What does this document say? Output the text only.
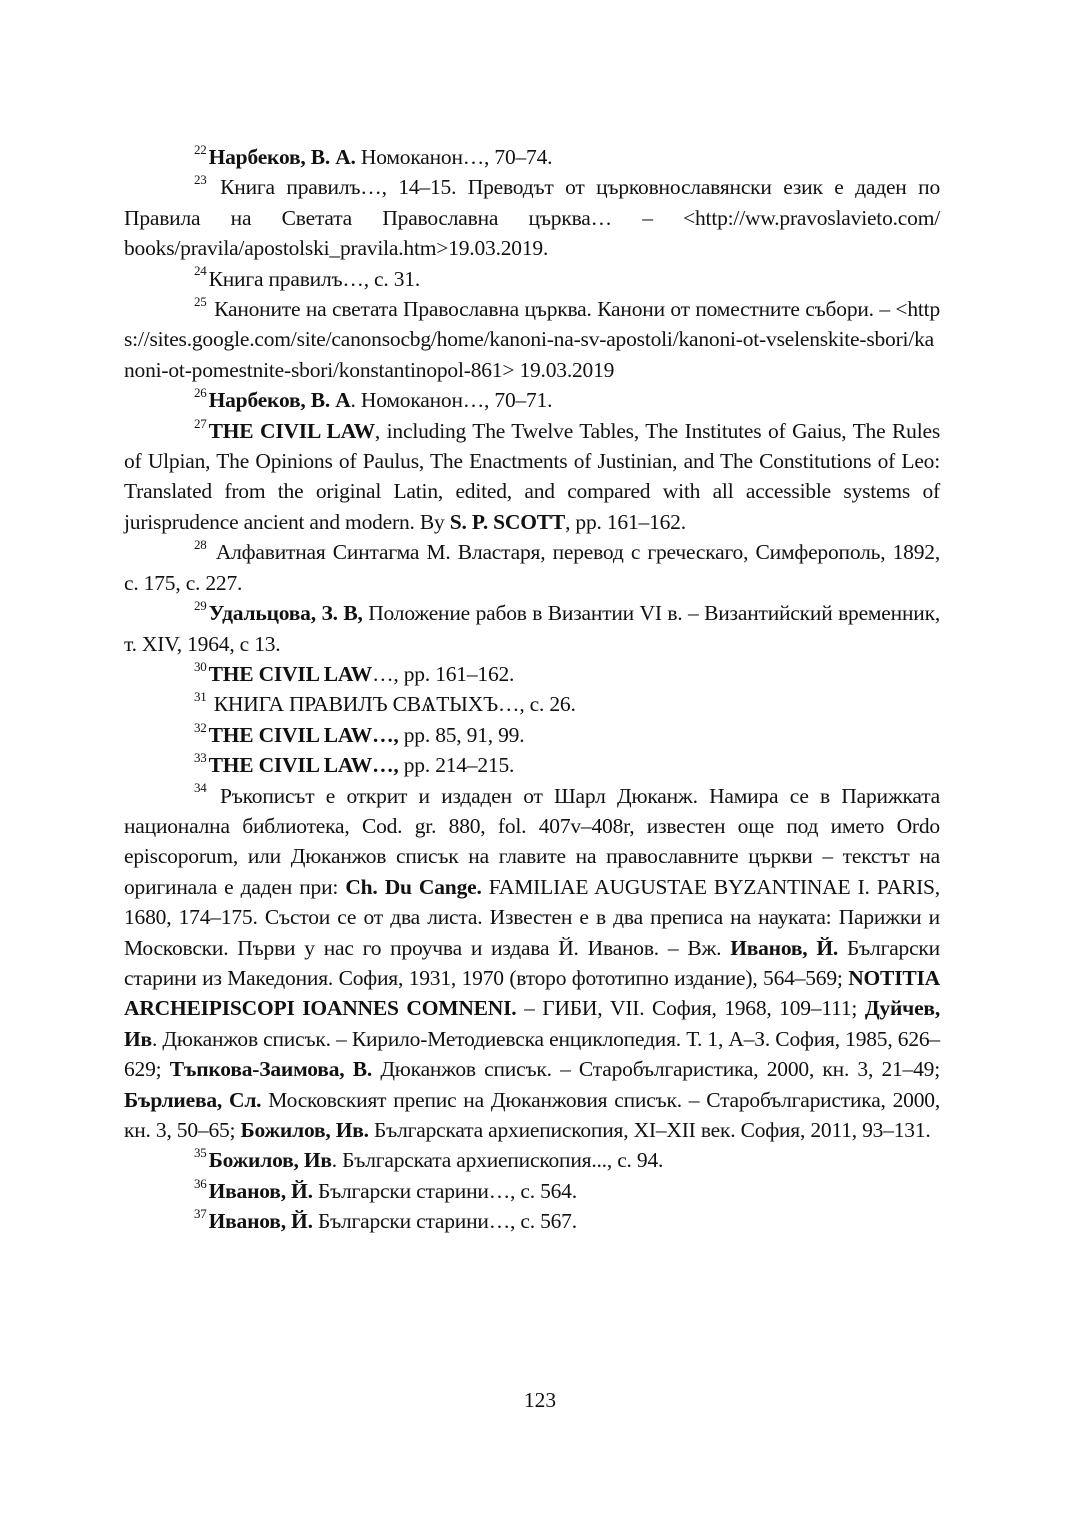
$^{22}$Нарбеков, В. А. Номоканон…, 70–74.

$^{23}$ Книга правилъ…, 14–15. Преводът от църковнославянски език е даден по Правила на Светата Православна църква… – <http://ww.pravoslavieto.com/ books/pravila/apostolski_pravila.htm>19.03.2019.

$^{24}$Книга правилъ…, с. 31.

$^{25}$ Каноните на светата Православна църква. Канони от поместните събори. – <https://sites.google.com/site/canonsocbg/home/kanoni-na-sv-apostoli/kanoni-ot-vselenskite-sbori/kanoni-ot-pomestnite-sbori/konstantinopol-861> 19.03.2019

$^{26}$Нарбеков, В. А. Номоканон…, 70–71.

$^{27}$THE CIVIL LAW, including The Twelve Tables, The Institutes of Gaius, The Rules of Ulpian, The Opinions of Paulus, The Enactments of Justinian, and The Constitutions of Leo: Translated from the original Latin, edited, and compared with all accessible systems of jurisprudence ancient and modern. By S. P. SCOTT, pp. 161–162.

$^{28}$ Алфавитная Синтагма М. Властаря, перевод с греческаго, Симферополь, 1892, с. 175, с. 227.

$^{29}$Удальцова, З. В, Положение рабов в Византии VI в. – Византийский временник, т. XIV, 1964, с 13.

$^{30}$THE CIVIL LAW…, pp. 161–162.

$^{31}$ КНИГА ПРАВИЛЪ СВѦТЫХЪ…, с. 26.

$^{32}$THE CIVIL LAW…, pp. 85, 91, 99.

$^{33}$THE CIVIL LAW…, pp. 214–215.

$^{34}$ Ръкописът е открит и издаден от Шарл Дюканж. Намира се в Парижката национална библиотека, Cod. gr. 880, fol. 407v–408r, известен още под името Ordo episcoporum, или Дюканжов списък на главите на православните църкви – текстът на оригинала е даден при: Ch. Du Cange. FAMILIAE AUGUSTAE BYZANTINAE I. PARIS, 1680, 174–175. Състои се от два листа. Известен е в два преписа на науката: Парижки и Московски. Първи у нас го проучва и издава Й. Иванов. – Вж. Иванов, Й. Български старини из Македония. София, 1931, 1970 (второ фототипно издание), 564–569; NOTITIA ARCHEIPISCOPI IOANNES COMNENI. – ГИБИ, VII. София, 1968, 109–111; Дуйчев, Ив. Дюканжов списък. – Кирило-Методиевска енциклопедия. Т. 1, А–З. София, 1985, 626–629; Тъпкова-Заимова, В. Дюканжов списък. – Старобългаристика, 2000, кн. 3, 21–49; Бърлиева, Сл. Московският препис на Дюканжовия списък. – Старобългаристика, 2000, кн. 3, 50–65; Божилов, Ив. Българската архиепископия, XI–XII век. София, 2011, 93–131.

$^{35}$Божилов, Ив. Българската архиепископия..., с. 94.

$^{36}$Иванов, Й. Български старини…, с. 564.

$^{37}$Иванов, Й. Български старини…, с. 567.

123
